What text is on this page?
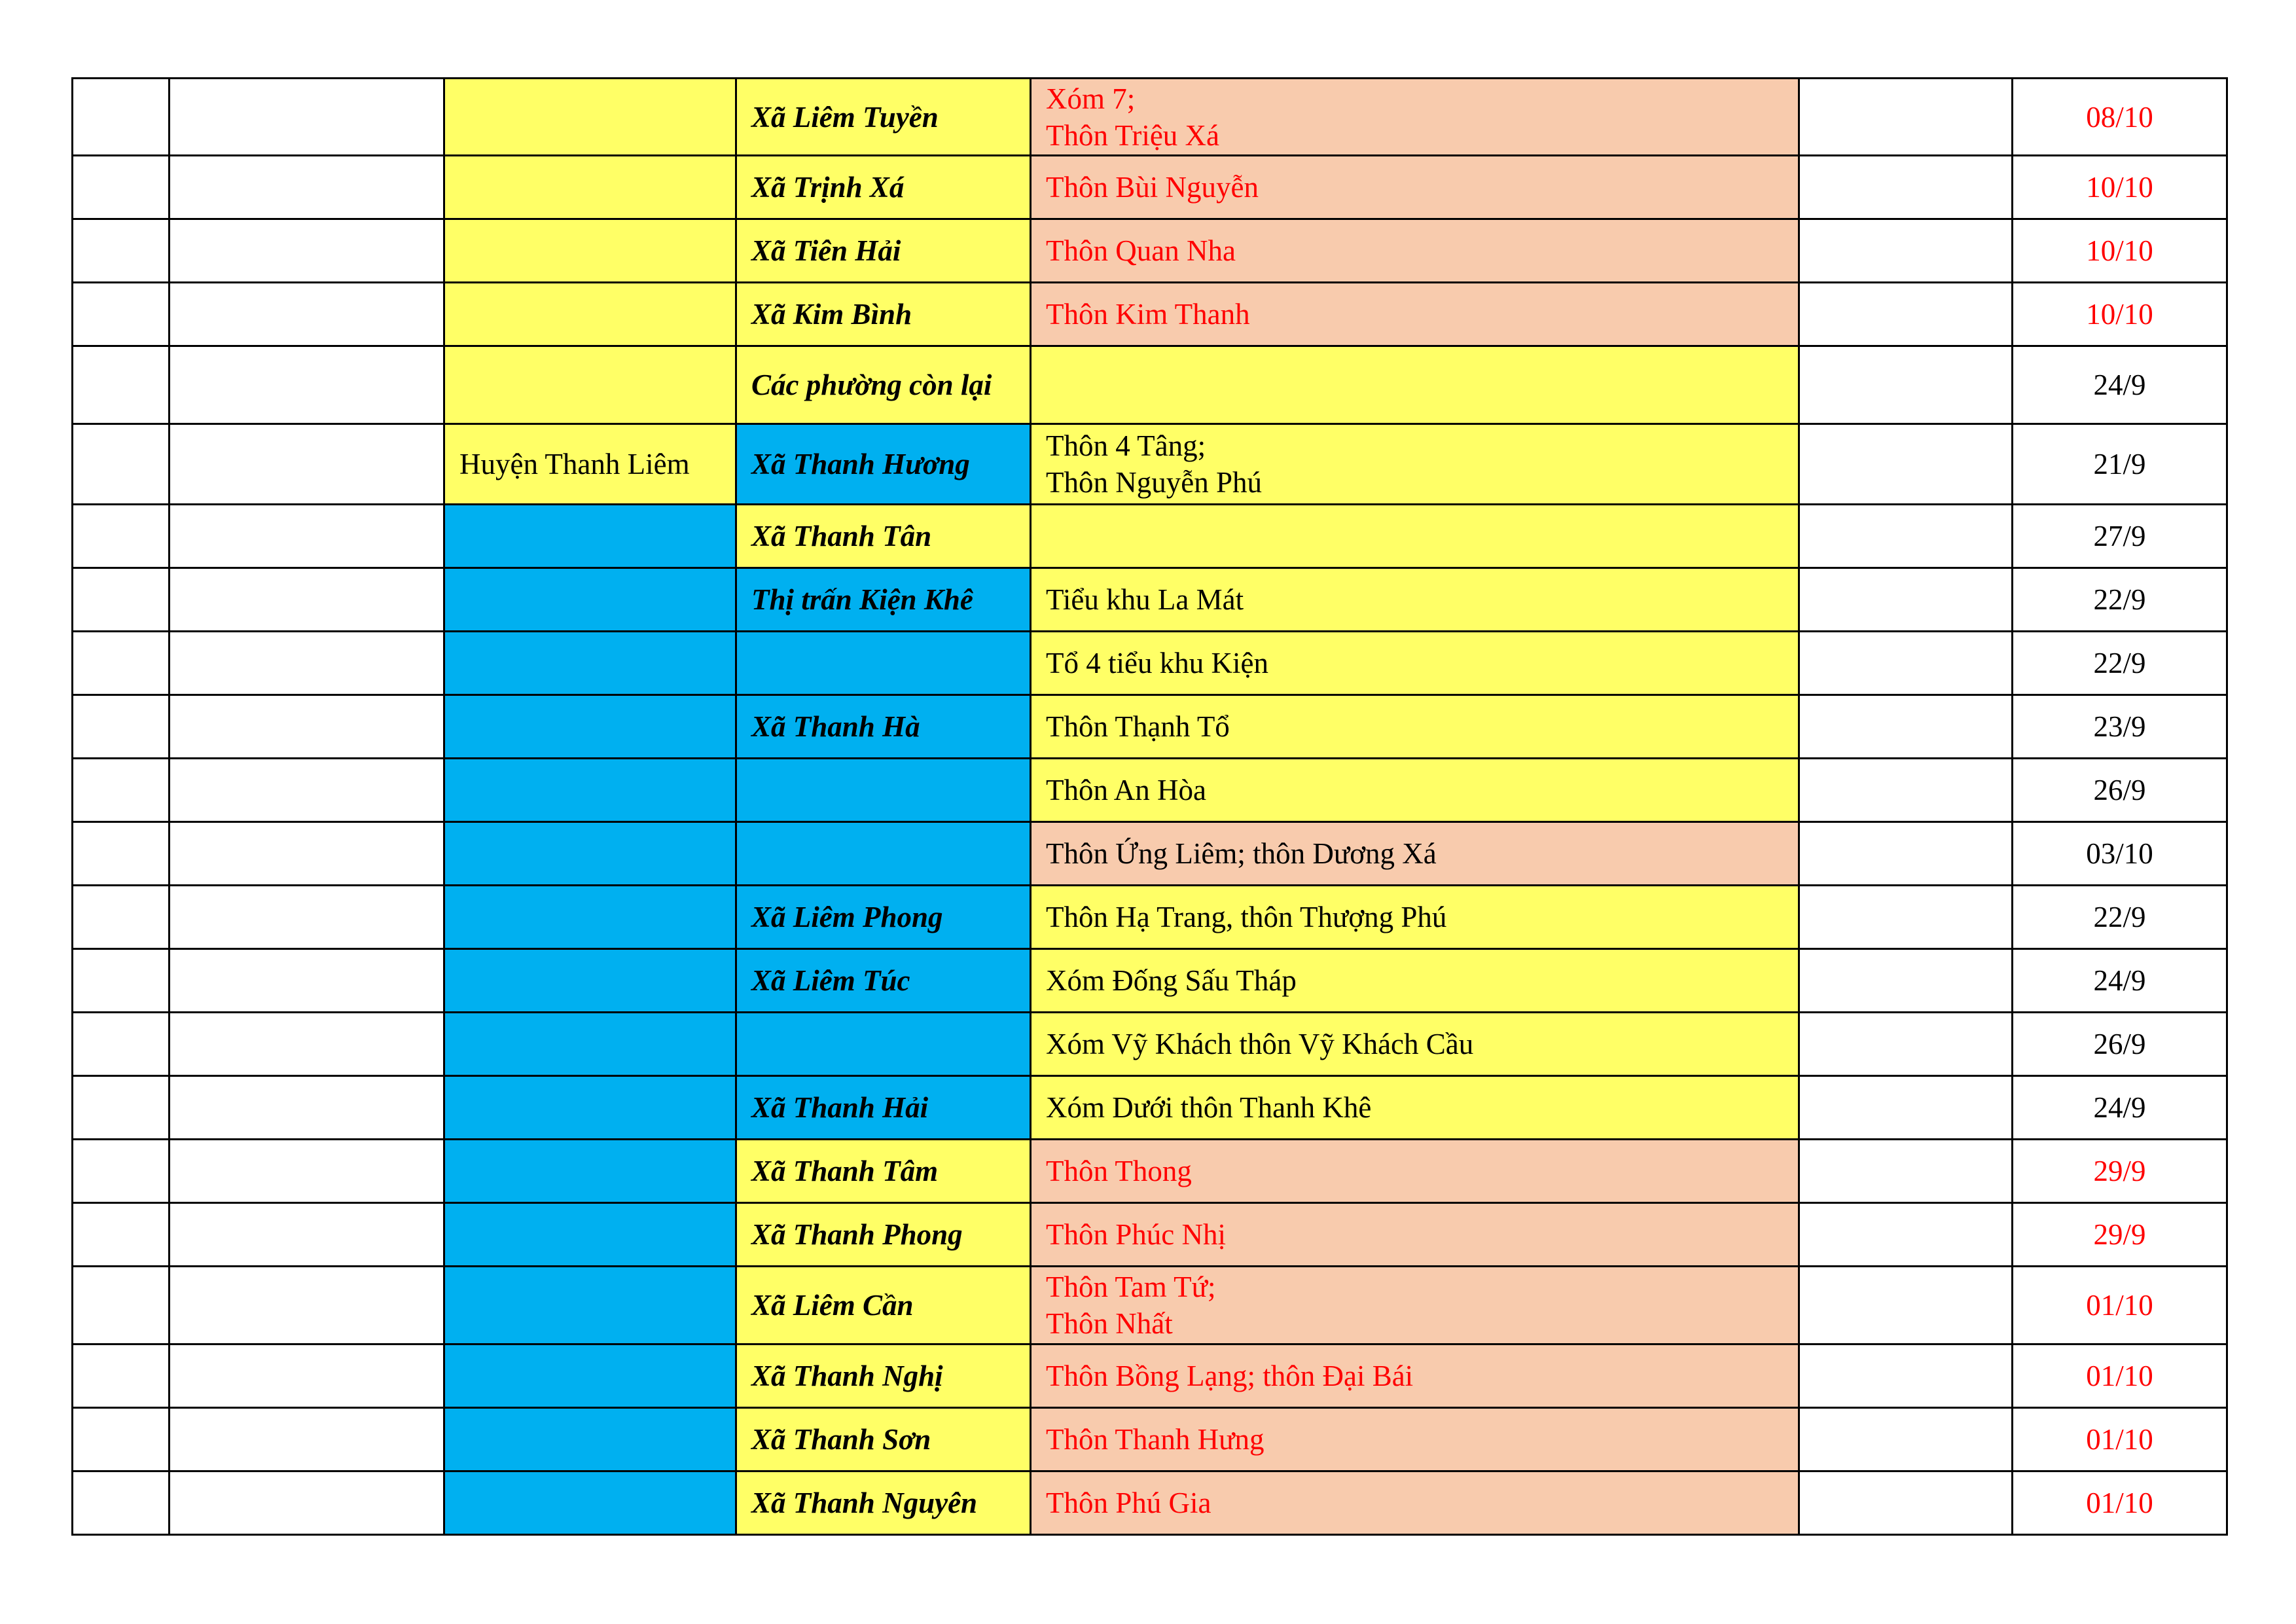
			Xã Liêm Tuyền	Xóm 7;
Thôn Triệu Xá		08/10
			Xã Trịnh Xá	Thôn Bùi Nguyễn		10/10
			Xã Tiên Hải	Thôn Quan Nha		10/10
			Xã Kim Bình	Thôn Kim Thanh		10/10
			Các phường còn lại			24/9
		Huyện Thanh Liêm	Xã Thanh Hương	Thôn 4 Tâng;
Thôn Nguyễn Phú		21/9
			Xã Thanh Tân			27/9
			Thị trấn Kiện Khê	Tiểu khu La Mát		22/9

				Tổ 4 tiểu khu Kiện		22/9
			Xã Thanh Hà	Thôn Thạnh Tổ		23/9

				Thôn An Hòa		26/9

				Thôn Ứng Liêm; thôn Dương Xá		03/10
			Xã Liêm Phong	Thôn Hạ Trang, thôn Thượng Phú		22/9
			Xã Liêm Túc	Xóm Đống Sấu Tháp		24/9

				Xóm Vỹ Khách thôn Vỹ Khách Cầu		26/9
			Xã Thanh Hải	Xóm Dưới thôn Thanh Khê		24/9
			Xã Thanh Tâm	Thôn Thong		29/9
			Xã Thanh Phong	Thôn Phúc Nhị		29/9
			Xã Liêm Cần	Thôn Tam Tứ;
Thôn Nhất		01/10
			Xã Thanh Nghị	Thôn Bồng Lạng; thôn Đại Bái		01/10
			Xã Thanh Sơn	Thôn Thanh Hưng		01/10
			Xã Thanh Nguyên	Thôn Phú Gia		01/10
